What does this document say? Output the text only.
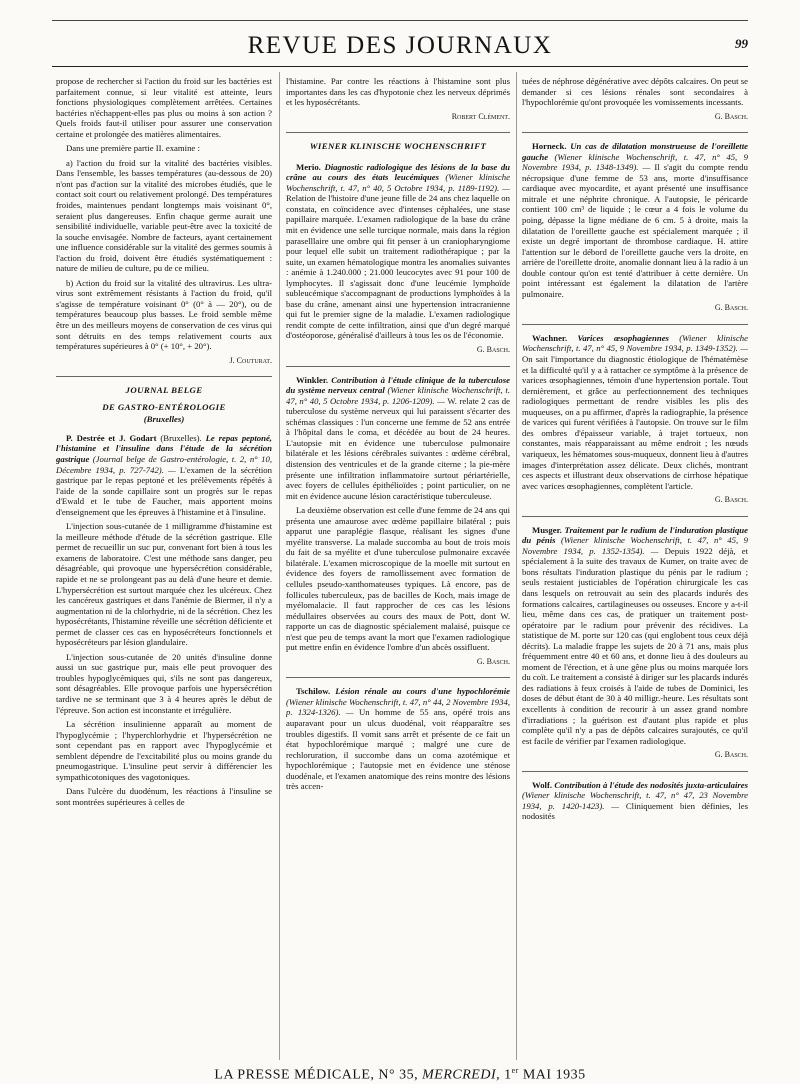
REVUE DES JOURNAUX	99

propose de rechercher si l'action du froid sur les bactéries est parfaitement connue, si leur vitalité est atteinte, leurs fonctions physiologiques complètement arrêtées. Certaines bactéries n'échappent-elles pas plus ou moins à son action ? Quels froids faut-il utiliser pour assurer une conservation certaine et prolongée des matières alimentaires.

Dans une première partie II. examine :

a) l'action du froid sur la vitalité des bactéries visibles. Dans l'ensemble, les basses températures (au-dessous de 20) n'ont pas d'action sur la vitalité des microbes étudiés, que le contact soit court ou relativement prolongé. Des températures froides, maintenues pendant longtemps mais voisinant 0°, seraient plus dangereuses. Enfin chaque germe aurait une sensibilité individuelle, variable peut-être avec la toxicité de la souche envisagée. Nombre de facteurs, ayant certainement une influence considérable sur la vitalité des germes soumis à l'action du froid, doivent être étudiés systématiquement : nature de milieu de culture, pu de ce milieu.

b) Action du froid sur la vitalité des ultravirus. Les ultra-virus sont extrêmement résistants à l'action du froid, qu'il s'agisse de température voisinant 0° (0° à — 20°), ou de températures beaucoup plus basses. Le froid semble même être un des meilleurs moyens de conservation de ces virus qui sont détruits en des temps relativement courts aux températures supérieures à 0° (+ 10°, + 20°).

J. Couturat.
JOURNAL BELGE
DE GASTRO-ENTÉROLOGIE
(Bruxelles)

P. Destrée et J. Godart (Bruxelles). Le repas peptoné, l'histamine et l'insuline dans l'étude de la sécrétion gastrique (Journal belge de Gastro-entérologie, t. 2, n° 10, Décembre 1934, p. 727-742). — L'examen de la sécrétion gastrique par le repas peptoné et les prélèvements répétés à l'aide de la sonde capillaire sont un progrès sur le repas d'Ewald et le tube de Faucher, mais apportent moins d'enseignement que les épreuves à l'histamine et à l'insuline.

L'injection sous-cutanée de 1 milligramme d'histamine est la meilleure méthode d'étude de la sécrétion gastrique. Elle permet de recueillir un suc pur, convenant fort bien à tous les examens de laboratoire. C'est une méthode sans danger, peu désagréable, qui provoque une hypersécrétion considérable, rapide et ne se prolongeant pas au delà d'une heure et demie. L'hypersécrétion est surtout marquée chez les ulcéreux. Chez les cancéreux gastriques et dans l'anémie de Biermer, il n'y a augmentation ni de la chlorhydrie, ni de la sécrétion. Chez les hyposécrétants, l'histamine réveille une sécrétion déficiente et permet de classer ces cas en hyposécréteurs fonctionnels et hyposécréteurs par lésion glandulaire.

L'injection sous-cutanée de 20 unités d'insuline donne aussi un suc gastrique pur, mais elle peut provoquer des troubles hypoglycémiques qui, s'ils ne sont pas dangereux, sont désagréables. Elle provoque parfois une hypersécrétion tardive ne se terminant que 3 à 4 heures après le début de l'épreuve. Son action est inconstante et irrégulière.

La sécrétion insulinienne apparaît au moment de l'hypoglycémie ; l'hyperchlorhydrie et l'hypersécrétion ne sont cependant pas en rapport avec l'hypoglycémie et semblent dépendre de l'excitabilité plus ou moins grande du pneumogastrique. L'insuline peut servir à différencier les sympathicotoniques des vagotoniques.

Dans l'ulcère du duodénum, les réactions à l'insuline se sont montrées supérieures à celles de

l'histamine. Par contre les réactions à l'histamine sont plus importantes dans les cas d'hypotonie chez les nerveux déprimés et les hyposécrétants.

Robert Clément.
WIENER KLINISCHE WOCHENSCHRIFT

Merio. Diagnostic radiologique des lésions de la base du crâne au cours des états leucémiques (Wiener klinische Wochenschrift, t. 47, n° 40, 5 Octobre 1934, p. 1189-1192). — Relation de l'histoire d'une jeune fille de 24 ans chez laquelle on constata, en coïncidence avec d'intenses céphalées, une stase papillaire marquée. L'examen radiologique de la base du crâne mit en évidence une selle turcique normale, mais dans la région paraselllaire une ombre qui fit penser à un craniopharyngiome pour lequel elle subit un traitement radiothérapique ; par la suite, un examen hématologique montra les anomalies suivantes : anémie à 1.240.000 ; 21.000 leucocytes avec 91 pour 100 de lymphocytes. Il s'agissait donc d'une leucémie lymphoïde subleucémique s'accompagnant de productions lymphoïdes à la base du crâne, amenant ainsi une hypertension intracranienne qui fut le premier signe de la maladie. L'examen radiologique rendit compte de cette infiltration, ainsi que d'un degré marqué d'ostéoporose, généralisé d'ailleurs à tous les os de l'économie.

G. Basch.

Winkler. Contribution à l'étude clinique de la tuberculose du système nerveux central (Wiener klinische Wochenschrift, t. 47, n° 40, 5 Octobre 1934, p. 1206-1209). — W. relate 2 cas de tuberculose du système nerveux qui lui paraissent s'écarter des schémas classiques : l'un concerne une femme de 52 ans entrée à l'hôpital dans le coma, et décédée au bout de 24 heures. L'autopsie mit en évidence une tuberculose pulmonaire bilatérale et les lésions cérébrales suivantes : œdème cérébral, distension des ventricules et de la grande citerne ; la pie-mère présente une infiltration inflammatoire surtout périartérielle, avec foyers de cellules épithélioïdes ; point particulier, on ne mit en évidence aucune lésion caractéristique tuberculeuse.

La deuxième observation est celle d'une femme de 24 ans qui présenta une amaurose avec œdème papillaire bilatéral ; puis apparut une paraplégie flasque, réalisant les signes d'une myélite transverse. La malade succomba au bout de trois mois du fait de sa myélite et d'une tuberculose pulmonaire excavée bilatérale. L'examen microscopique de la moelle mit surtout en évidence des foyers de ramollissement avec formation de cellules pseudo-xanthomateuses typiques. Là encore, pas de follicules tuberculeux, pas de bacilles de Koch, mais image de myélomalacie. Il faut rapprocher de ces cas les lésions médullaires observées au cours des maux de Pott, dont W. rapporte un cas de diagnostic spécialement malaisé, puisque ce n'est que peu de temps avant la mort que l'examen radiologique put mettre enfin en évidence l'ombre d'un abcès ossifluent.

G. Basch.

Tschilow. Lésion rénale au cours d'une hypochlorémie (Wiener klinische Wochenschrift, t. 47, n° 44, 2 Novembre 1934, p. 1324-1326). — Un homme de 55 ans, opéré trois ans auparavant pour un ulcus duodénal, voit réapparaître ses troubles digestifs. Il vomit sans arrêt et présente de ce fait un état hypochlorémique marqué ; malgré une cure de rechloruration, il succombe dans un coma azotémique et hypochlorémique ; l'autopsie met en évidence une sténose duodénale, et l'examen anatomique des reins montre des lésions très accen-

tuées de néphrose dégénérative avec dépôts calcaires. On peut se demander si ces lésions rénales sont secondaires à l'hypochlorémie qu'ont provoquée les vomissements incessants.

G. Basch.

Horneck. Un cas de dilatation monstrueuse de l'oreillette gauche (Wiener klinische Wochenschrift, t. 47, n° 45, 9 Novembre 1934, p. 1348-1349). — Il s'agit du compte rendu nécropsique d'une femme de 53 ans, morte d'insuffisance cardiaque avec myocardite, et ayant présenté une insuffisance mitrale et une néphrite chronique. A l'autopsie, le péricarde contient 100 cm³ de liquide ; le cœur a 4 fois le volume du poing, dépasse la ligne médiane de 6 cm. 5 à droite, mais la dilatation de l'oreillette gauche est spécialement marquée ; il existe un degré important de thrombose cardiaque. H. attire l'attention sur le débord de l'oreillette gauche vers la droite, en arrière de l'oreillette droite, anomalie donnant lieu à la radio à un double contour qu'on est tenté d'attribuer à cette dernière. Un point intéressant est également la dilatation de l'artère pulmonaire.

G. Basch.

Wachner. Varices œsophagiennes (Wiener klinische Wochenschrift, t. 47, n° 45, 9 Novembre 1934, p. 1349-1352). — On sait l'importance du diagnostic étiologique de l'hématémèse et la difficulté qu'il y a à rattacher ce symptôme à la présence de varices œsophagiennes, témoin d'une hypertension portale. Tout dernièrement, et grâce au perfectionnement des techniques radiologiques permettant de rendre visibles les plis des muqueuses, on a pu affirmer, d'après la radiographie, la présence de varices qui furent vérifiées à l'autopsie. On trouve sur le film des ombres d'épaisseur variable, à trajet tortueux, non constantes, mais réapparaissant au même endroit ; les nœuds variqueux, les hématomes sous-muqueux, donnent lieu à d'autres images d'interprétation assez délicate. Deux clichés, montrant ces aspects et illustrant deux observations de cirrhose hépatique avec varices œsophagiennes, complètent l'article.

G. Basch.

Musger. Traitement par le radium de l'induration plastique du pénis (Wiener klinische Wochenschrift, t. 47, n° 45, 9 Novembre 1934, p. 1352-1354). — Depuis 1922 déjà, et spécialement à la suite des travaux de Kumer, on traite avec de bons résultats l'induration plastique du pénis par le radium ; seuls restaient justiciables de l'opération chirurgicale les cas dans lesquels on retrouvait au sein des placards indurés des formations calcaires, cartilagineuses ou osseuses. Encore y a-t-il lieu, même dans ces cas, de pratiquer un traitement post-opératoire par le radium pour prévenir des récidives. La statistique de M. porte sur 120 cas (qui englobent tous ceux déjà décrits). La maladie frappe les sujets de 20 à 71 ans, mais plus fréquemment entre 40 et 60 ans, et donne lieu à des douleurs au moment de l'érection, et à une gêne plus ou moins marquée lors du coït. Le traitement a consisté à diriger sur les placards indurés des radiations à feux croisés à l'aide de tubes de Dominici, les doses de début étant de 30 à 40 milligr.-heure. Les résultats sont excellents à condition de recourir à un assez grand nombre d'irradiations ; la guérison est d'autant plus rapide et plus complète qu'il n'y a pas de dépôts calcaires surajoutés, ce qu'il est facile de vérifier par l'examen radiologique.

G. Basch.

Wolf. Contribution à l'étude des nodosités juxta-articulaires (Wiener klinische Wochenschrift, t. 47, n° 47, 23 Novembre 1934, p. 1420-1423). — Cliniquement bien définies, les nodosités

LA PRESSE MÉDICALE, N° 35, MERCREDI, 1er MAI 1935
